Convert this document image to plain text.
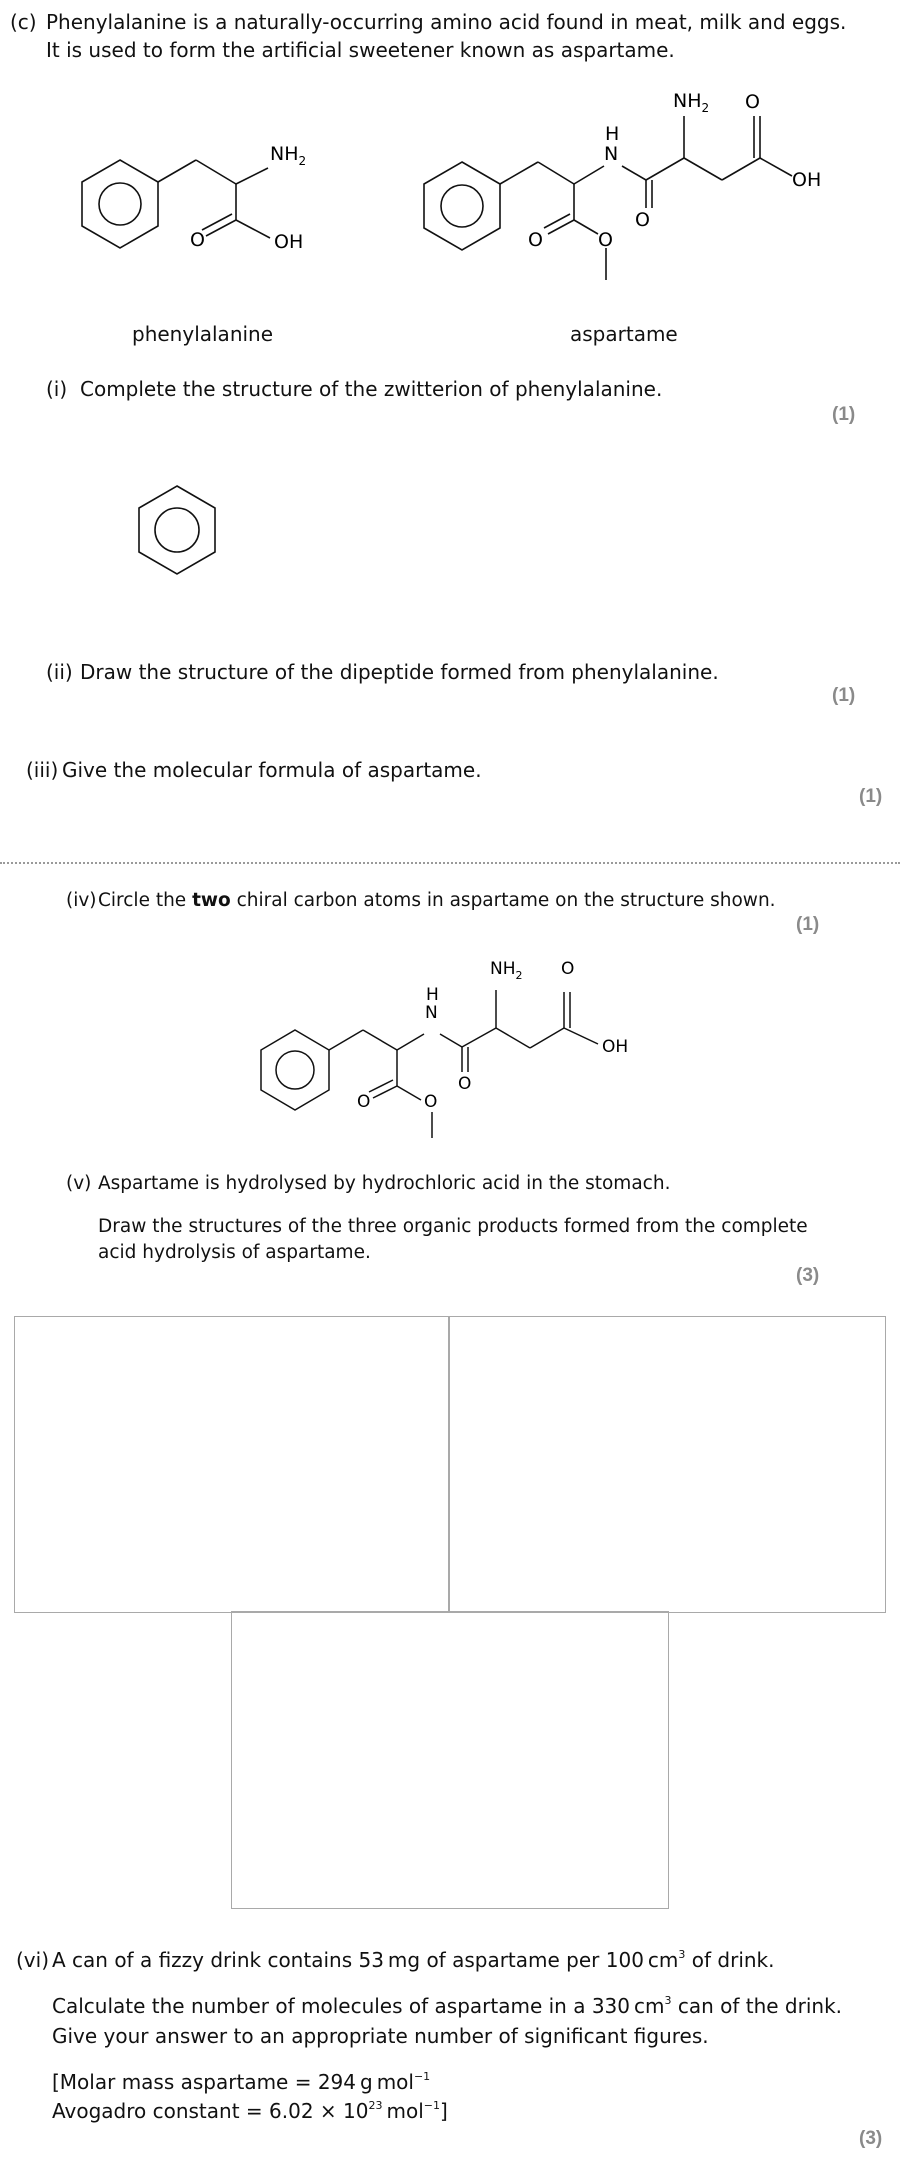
(c) Phenylalanine is a naturally-occurring amino acid found in meat, milk and eggs.
It is used to form the artificial sweetener known as aspartame.
$NH_2$
OH
O
$NH_2$ O
OH
H
N
O
O	O
phenylalanine	aspartame
(i) Complete the structure of the zwitterion of phenylalanine.
(1)
(ii) Draw the structure of the dipeptide formed from phenylalanine.
(1)
(iii) Give the molecular formula of aspartame.
(1)
(iv) Circle the two chiral carbon atoms in aspartame on the structure shown.
(1)
$NH_2$ O
OH
H
N
O
O	O
(v) Aspartame is hydrolysed by hydrochloric acid in the stomach.
Draw the structures of the three organic products formed from the complete
acid hydrolysis of aspartame.
(3)
(vi) A can of a fizzy drink contains 53 mg of aspartame per 100 $cm^3$ of drink.
Calculate the number of molecules of aspartame in a 330 $cm^3$ can of the drink.
Give your answer to an appropriate number of significant figures.
[Molar mass aspartame = 294 g mol$^{-1}$
Avogadro constant = $6.02 \times 10^{23}$ mol$^{-1}$]
(3)
